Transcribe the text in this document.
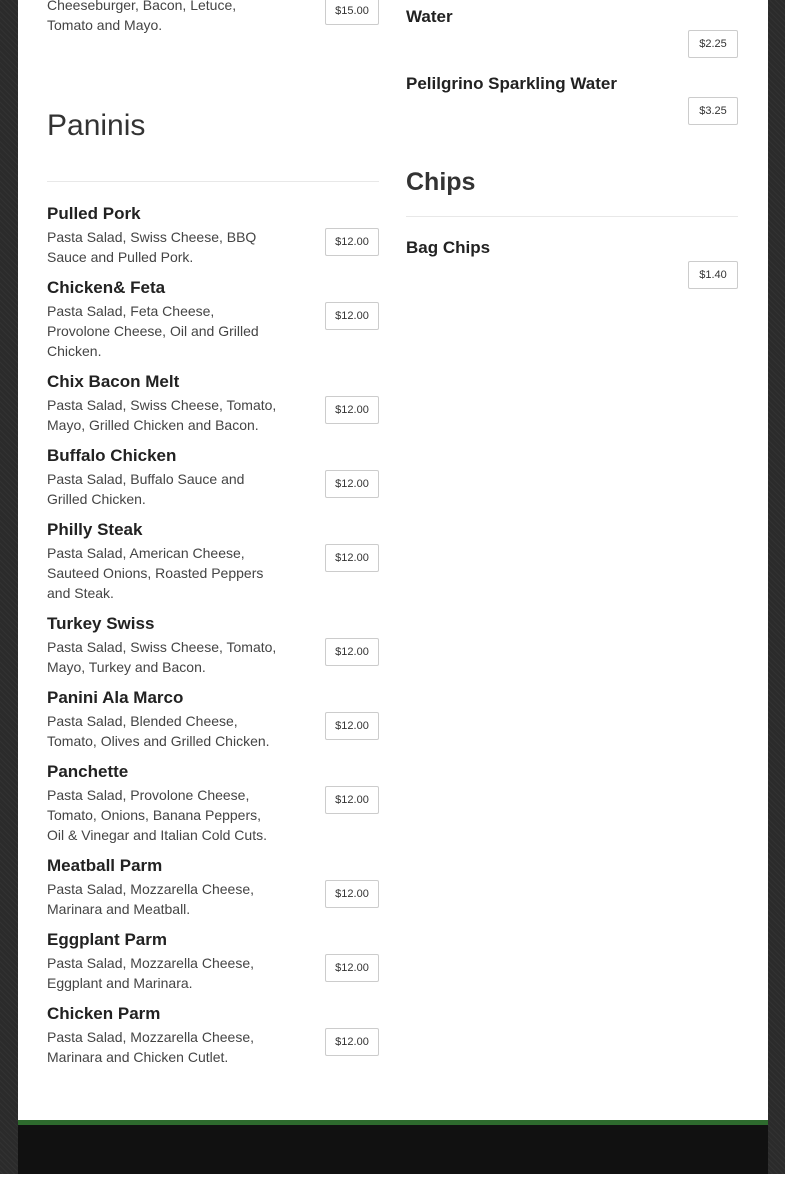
Cheeseburger, Bacon, Letuce, Tomato and Mayo.
$15.00
Paninis
Pulled Pork
Pasta Salad, Swiss Cheese, BBQ Sauce and Pulled Pork.
$12.00
Chicken& Feta
Pasta Salad, Feta Cheese, Provolone Cheese, Oil and Grilled Chicken.
$12.00
Chix Bacon Melt
Pasta Salad, Swiss Cheese, Tomato, Mayo, Grilled Chicken and Bacon.
$12.00
Buffalo Chicken
Pasta Salad, Buffalo Sauce and Grilled Chicken.
$12.00
Philly Steak
Pasta Salad, American Cheese, Sauteed Onions, Roasted Peppers and Steak.
$12.00
Turkey Swiss
Pasta Salad, Swiss Cheese, Tomato, Mayo, Turkey and Bacon.
$12.00
Panini Ala Marco
Pasta Salad, Blended Cheese, Tomato, Olives and Grilled Chicken.
$12.00
Panchette
Pasta Salad, Provolone Cheese, Tomato, Onions, Banana Peppers, Oil & Vinegar and Italian Cold Cuts.
$12.00
Meatball Parm
Pasta Salad, Mozzarella Cheese, Marinara and Meatball.
$12.00
Eggplant Parm
Pasta Salad, Mozzarella Cheese, Eggplant and Marinara.
$12.00
Chicken Parm
Pasta Salad, Mozzarella Cheese, Marinara and Chicken Cutlet.
$12.00
Water
$2.25
Pelilgrino Sparkling Water
$3.25
Chips
Bag Chips
$1.40
